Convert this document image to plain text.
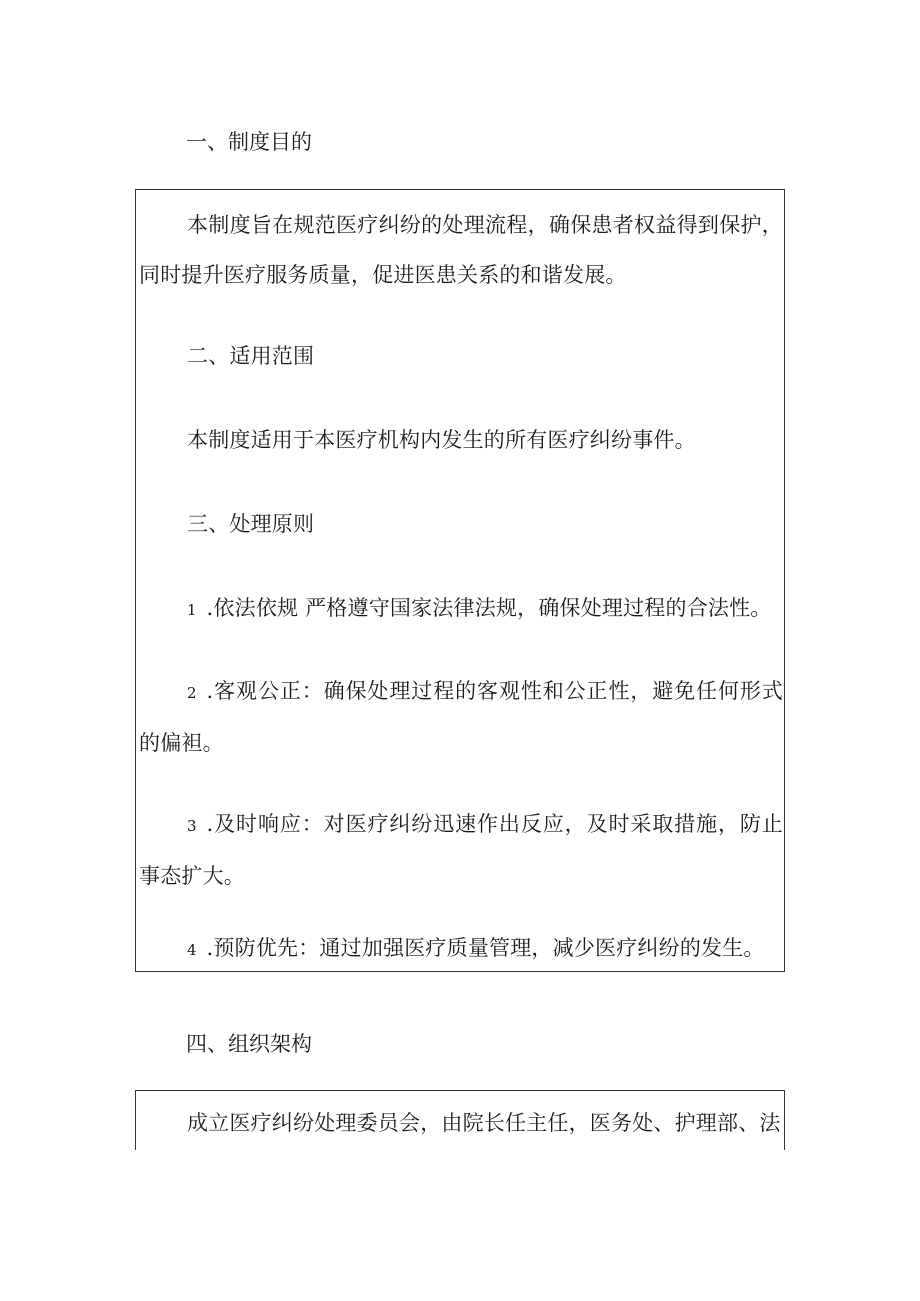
一、制度目的
本制度旨在规范医疗纠纷的处理流程，确保患者权益得到保护，同时提升医疗服务质量，促进医患关系的和谐发展。
二、适用范围
本制度适用于本医疗机构内发生的所有医疗纠纷事件。
三、处理原则
1 .依法依规 严格遵守国家法律法规，确保处理过程的合法性。
2 .客观公正：确保处理过程的客观性和公正性，避免任何形式的偏袒。
3 .及时响应：对医疗纠纷迅速作出反应，及时采取措施，防止事态扩大。
4 .预防优先：通过加强医疗质量管理，减少医疗纠纷的发生。
四、组织架构
成立医疗纠纷处理委员会，由院长任主任，医务处、护理部、法
